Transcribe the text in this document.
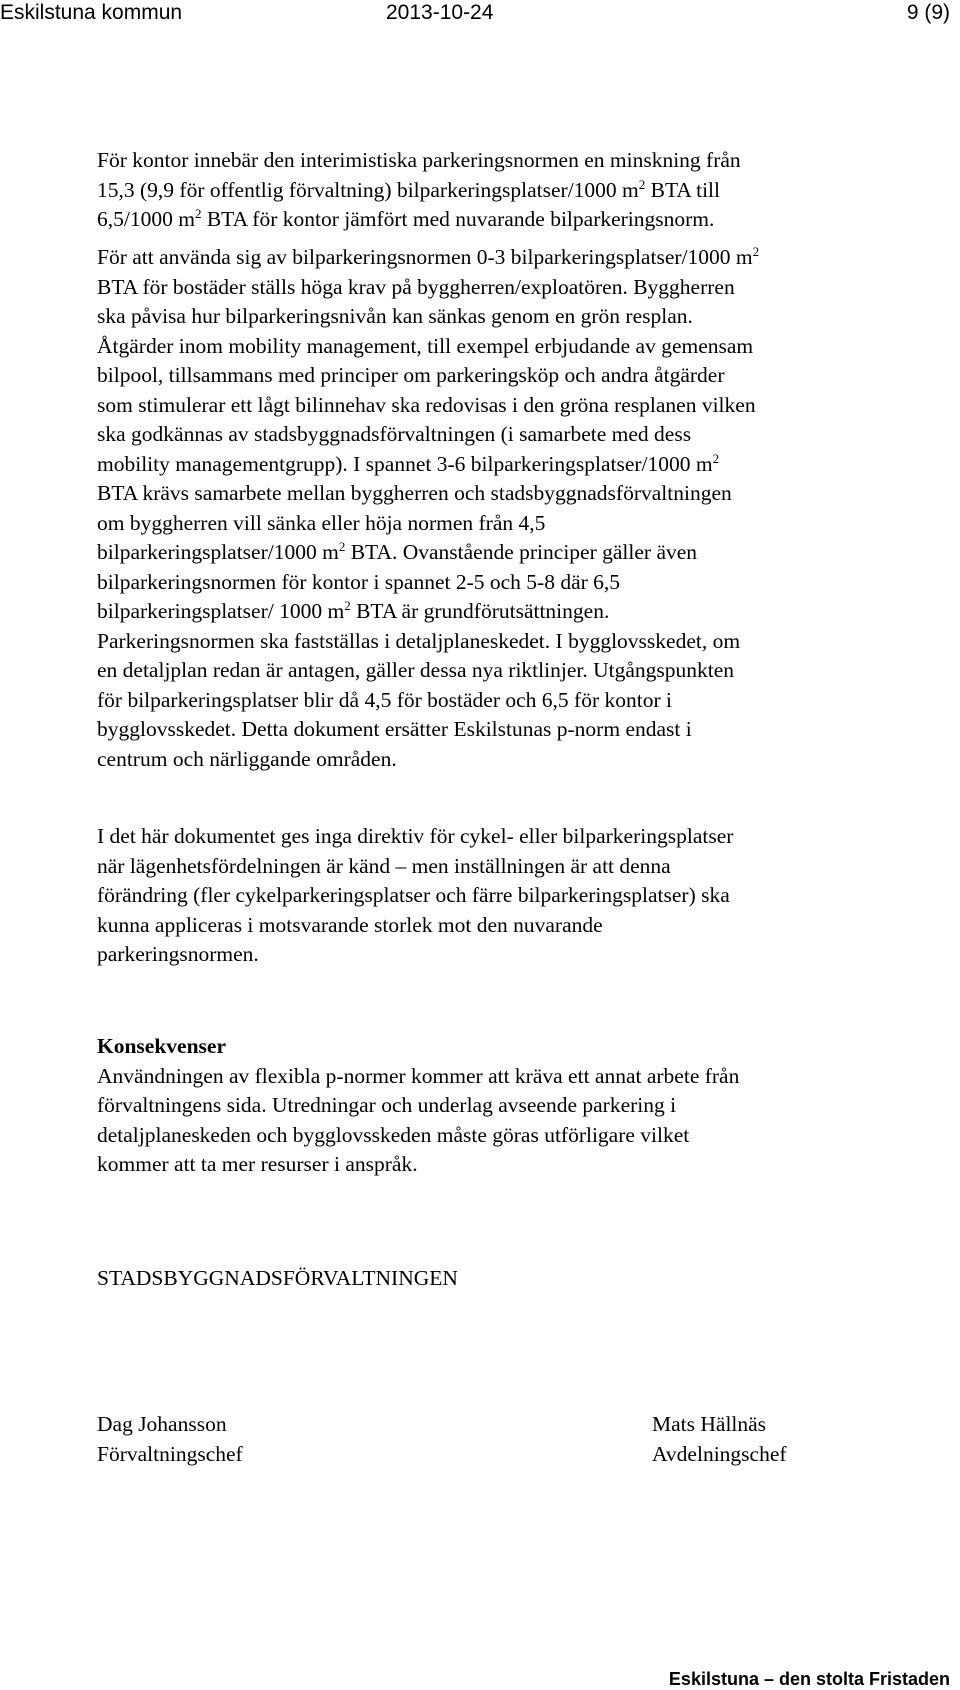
Eskilstuna kommun	2013-10-24	9 (9)

För kontor innebär den interimistiska parkeringsnormen en minskning från

15,3 (9,9 för offentlig förvaltning) bilparkeringsplatser/1000 $m^2$ BTA till

6,5/1000 $m^2$ BTA för kontor jämfört med nuvarande bilparkeringsnorm.

För att använda sig av bilparkeringsnormen 0-3 bilparkeringsplatser/1000 $m^2$

BTA för bostäder ställs höga krav på byggherren/exploatören. Byggherren

ska påvisa hur bilparkeringsnivån kan sänkas genom en grön resplan.

Åtgärder inom mobility management, till exempel erbjudande av gemensam

bilpool, tillsammans med principer om parkeringsköp och andra åtgärder

som stimulerar ett lågt bilinnehav ska redovisas i den gröna resplanen vilken

ska godkännas av stadsbyggnadsförvaltningen (i samarbete med dess

mobility managementgrupp). I spannet 3-6 bilparkeringsplatser/1000 $m^2$

BTA krävs samarbete mellan byggherren och stadsbyggnadsförvaltningen

om byggherren vill sänka eller höja normen från 4,5

bilparkeringsplatser/1000 $m^2$ BTA. Ovanstående principer gäller även

bilparkeringsnormen för kontor i spannet 2-5 och 5-8 där 6,5

bilparkeringsplatser/ 1000 $m^2$ BTA är grundförutsättningen.

Parkeringsnormen ska fastställas i detaljplaneskedet. I bygglovsskedet, om

en detaljplan redan är antagen, gäller dessa nya riktlinjer. Utgångspunkten

för bilparkeringsplatser blir då 4,5 för bostäder och 6,5 för kontor i

bygglovsskedet. Detta dokument ersätter Eskilstunas p-norm endast i

centrum och närliggande områden.

I det här dokumentet ges inga direktiv för cykel- eller bilparkeringsplatser

när lägenhetsfördelningen är känd – men inställningen är att denna

förändring (fler cykelparkeringsplatser och färre bilparkeringsplatser) ska

kunna appliceras i motsvarande storlek mot den nuvarande

parkeringsnormen.

Konsekvenser

Användningen av flexibla p-normer kommer att kräva ett annat arbete från

förvaltningens sida. Utredningar och underlag avseende parkering i

detaljplaneskeden och bygglovsskeden måste göras utförligare vilket

kommer att ta mer resurser i anspråk.

STADSBYGGNADSFÖRVALTNINGEN
Dag Johansson
Förvaltningschef
Mats Hällnäs
Avdelningschef
Eskilstuna – den stolta Fristaden
